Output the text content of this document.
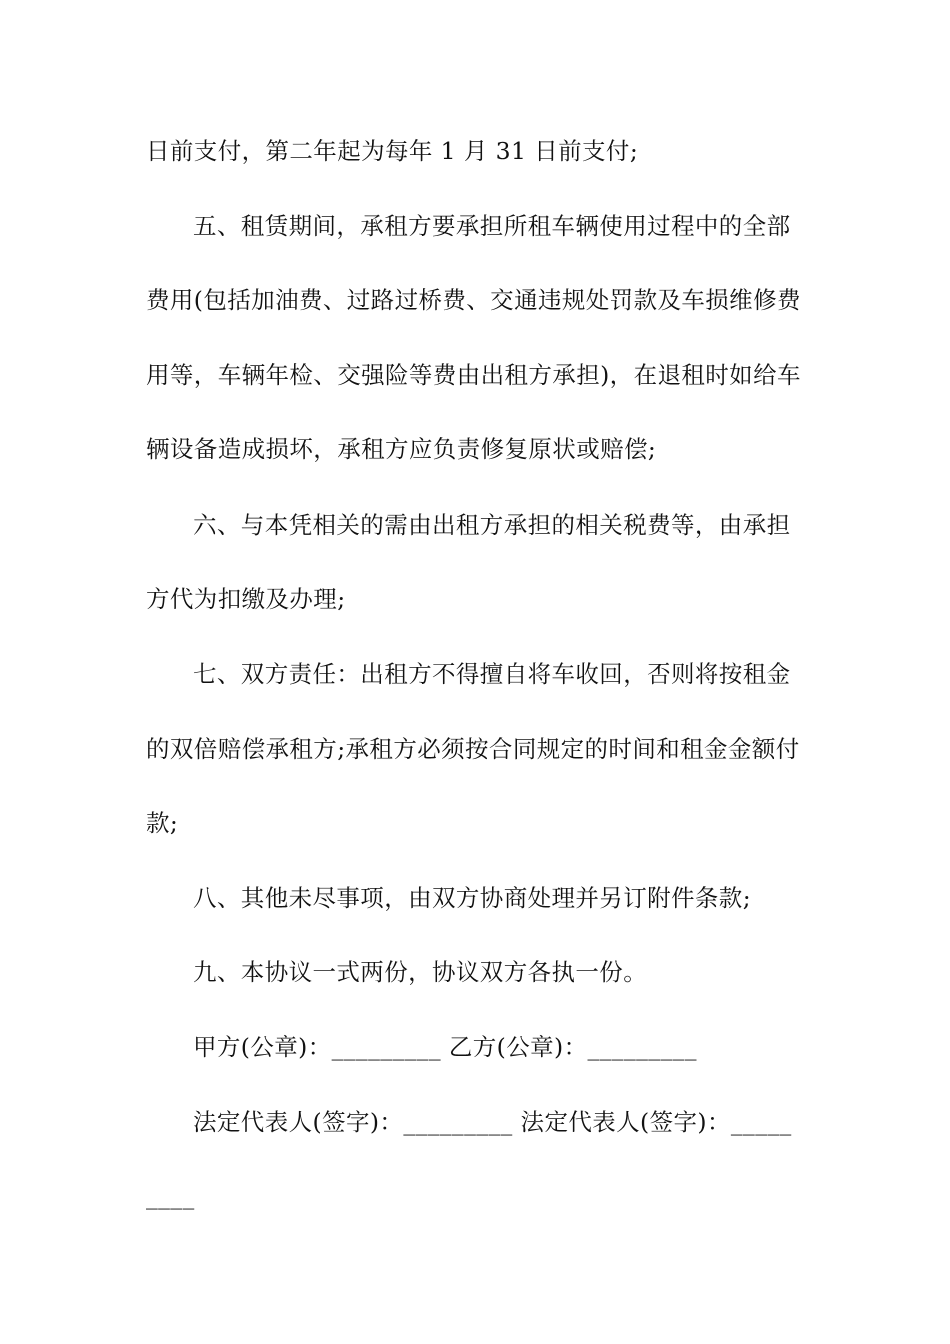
日前支付，第二年起为每年 1 月 31 日前支付;
五、租赁期间，承租方要承担所租车辆使用过程中的全部
费用(包括加油费、过路过桥费、交通违规处罚款及车损维修费
用等，车辆年检、交强险等费由出租方承担)，在退租时如给车
辆设备造成损坏，承租方应负责修复原状或赔偿;
六、与本凭相关的需由出租方承担的相关税费等，由承担
方代为扣缴及办理;
七、双方责任：出租方不得擅自将车收回，否则将按租金
的双倍赔偿承租方;承租方必须按合同规定的时间和租金金额付
款;
八、其他未尽事项，由双方协商处理并另订附件条款;
九、本协议一式两份，协议双方各执一份。
甲方(公章)：_________ 乙方(公章)：_________
法定代表人(签字)：_________ 法定代表人(签字)：_____
____
